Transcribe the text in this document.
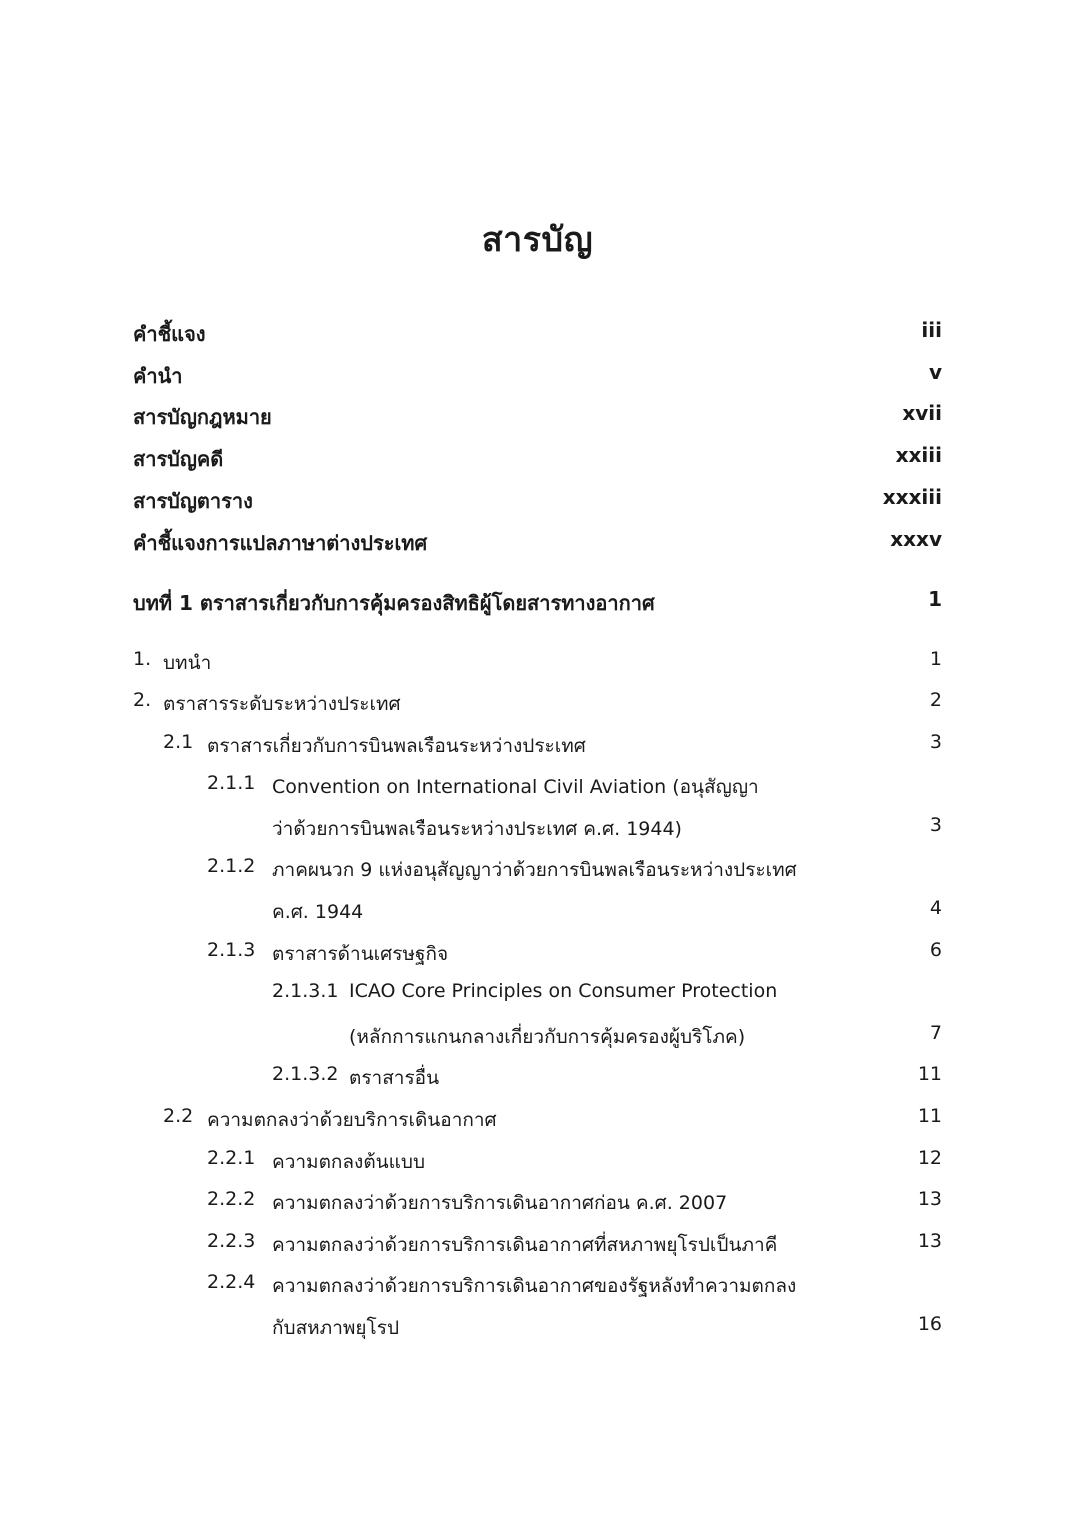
สารบัญ
คำชี้แจง	iii
คำนำ	v
สารบัญกฎหมาย	xvii
สารบัญคดี	xxiii
สารบัญตาราง	xxxiii
คำชี้แจงการแปลภาษาต่างประเทศ	xxxv
บทที่ 1 ตราสารเกี่ยวกับการคุ้มครองสิทธิผู้โดยสารทางอากาศ	1
1. บทนำ	1
2. ตราสารระดับระหว่างประเทศ	2
2.1 ตราสารเกี่ยวกับการบินพลเรือนระหว่างประเทศ	3
2.1.1 Convention on International Civil Aviation (อนุสัญญา
ว่าด้วยการบินพลเรือนระหว่างประเทศ ค.ศ. 1944)	3
2.1.2 ภาคผนวก 9 แห่งอนุสัญญาว่าด้วยการบินพลเรือนระหว่างประเทศ
ค.ศ. 1944	4
2.1.3 ตราสารด้านเศรษฐกิจ	6
2.1.3.1 ICAO Core Principles on Consumer Protection
(หลักการแกนกลางเกี่ยวกับการคุ้มครองผู้บริโภค)	7
2.1.3.2 ตราสารอื่น	11
2.2 ความตกลงว่าด้วยบริการเดินอากาศ	11
2.2.1 ความตกลงต้นแบบ	12
2.2.2 ความตกลงว่าด้วยการบริการเดินอากาศก่อน ค.ศ. 2007	13
2.2.3 ความตกลงว่าด้วยการบริการเดินอากาศที่สหภาพยุโรปเป็นภาคี	13
2.2.4 ความตกลงว่าด้วยการบริการเดินอากาศของรัฐหลังทำความตกลง
กับสหภาพยุโรป	16
